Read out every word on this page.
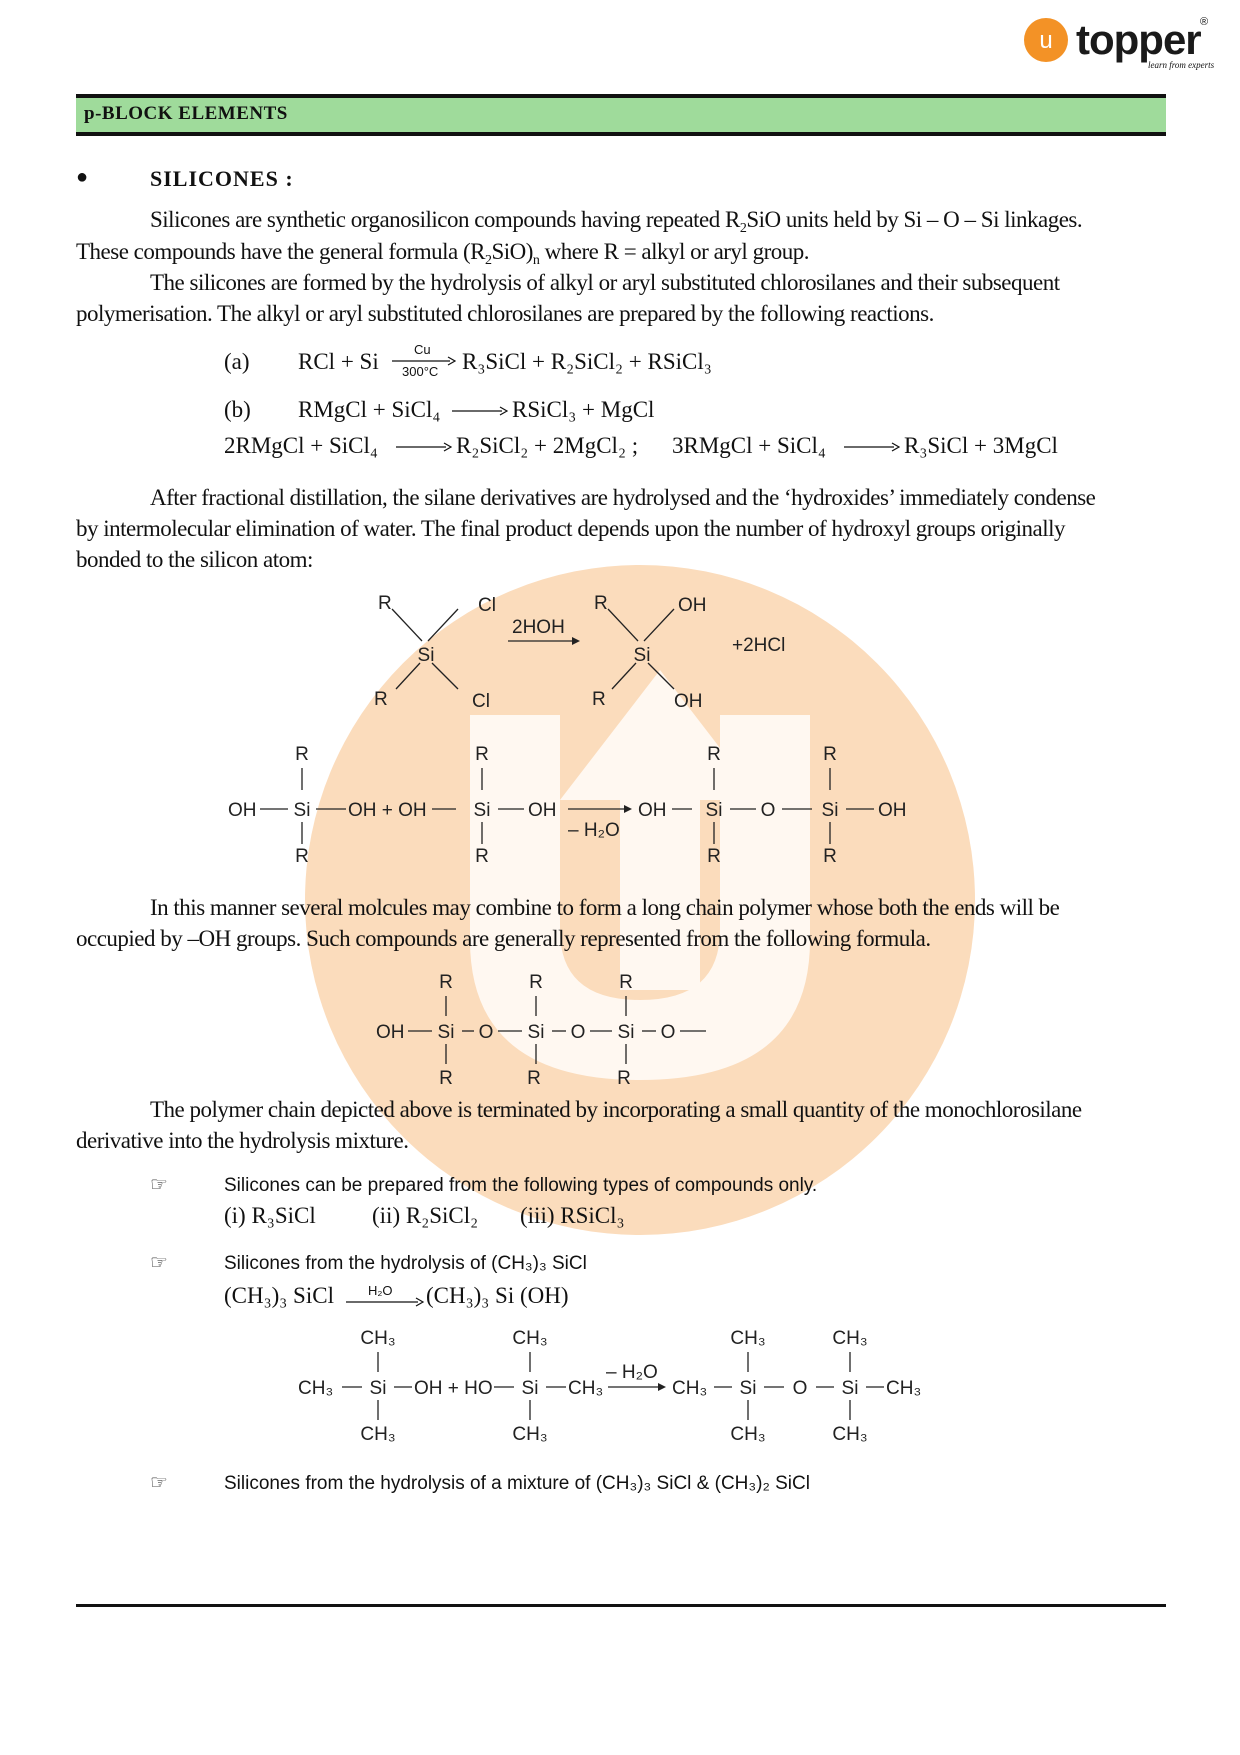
u topper ®
learn from experts
p-BLOCK ELEMENTS
●	SILICONES :
Silicones are synthetic organosilicon compounds having repeated $R_2SiO$ units held by Si – O – Si linkages.
These compounds have the general formula $(R_2SiO)_n$ where R = alkyl or aryl group.
The silicones are formed by the hydrolysis of alkyl or aryl substituted chlorosilanes and their subsequent
polymerisation. The alkyl or aryl substituted chlorosilanes are prepared by the following reactions.
(a) RCl + Si	Cu
300°C R₃SiCl + R₂SiCl₂ + RSiCl₃
(b) RMgCl + SiCl₄	RSiCl₃ + MgCl
2RMgCl + SiCl₄	R₂SiCl₂ + 2MgCl₂ ; 3RMgCl + SiCl₄	R₃SiCl + 3MgCl
After fractional distillation, the silane derivatives are hydrolysed and the ‘hydroxides’ immediately condense
by intermolecular elimination of water. The final product depends upon the number of hydroxyl groups originally
bonded to the silicon atom:
R	Cl
Si
R	Cl
2HOH
R	OH
Si
R	OH
+2HCl
R
OH Si
R
OH + OH
R
Si
R
OH
– H₂O
OH
R
Si
R
O
R
Si
R
OH
In this manner several molcules may combine to form a long chain polymer whose both the ends will be
occupied by –OH groups. Such compounds are generally represented from the following formula.
R
OH Si
R
O
R
Si
R
O
R
Si
R
O
The polymer chain depicted above is terminated by incorporating a small quantity of the monochlorosilane
derivative into the hydrolysis mixture.
☞	Silicones can be prepared from the following types of compounds only.
(i) R₃SiCl (ii) R₂SiCl₂ (iii) RSiCl₃
☞	Silicones from the hydrolysis of (CH₃)₃ SiCl
(CH₃)₃ SiCl	H₂O (CH₃)₃ Si (OH)
CH₃
CH₃ Si
CH₃
OH + HO
CH₃
Si
CH₃
CH₃
– H₂O
CH₃
CH₃
Si
CH₃
O
CH₃
Si
CH₃
CH₃
☞	Silicones from the hydrolysis of a mixture of (CH₃)₃ SiCl & (CH₃)₂ SiCl
